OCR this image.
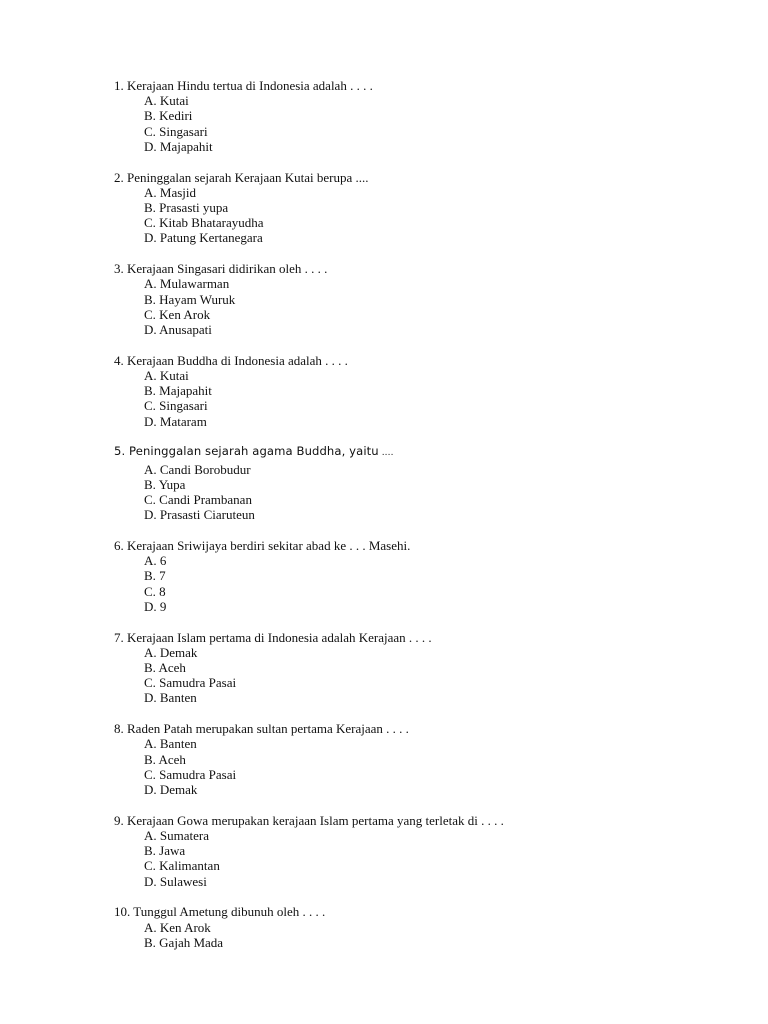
1. Kerajaan Hindu tertua di Indonesia adalah . . . .
A. Kutai
B. Kediri
C. Singasari
D. Majapahit
2. Peninggalan sejarah Kerajaan Kutai berupa ....
A. Masjid
B. Prasasti yupa
C. Kitab Bhatarayudha
D. Patung Kertanegara
3. Kerajaan Singasari didirikan oleh . . . .
A. Mulawarman
B. Hayam Wuruk
C. Ken Arok
D. Anusapati
4. Kerajaan Buddha di Indonesia adalah . . . .
A. Kutai
B. Majapahit
C. Singasari
D. Mataram
5. Peninggalan sejarah agama Buddha, yaitu ....
A. Candi Borobudur
B. Yupa
C. Candi Prambanan
D. Prasasti Ciaruteun
6. Kerajaan Sriwijaya berdiri sekitar abad ke . . . Masehi.
A. 6
B. 7
C. 8
D. 9
7. Kerajaan Islam pertama di Indonesia adalah Kerajaan . . . .
A. Demak
B. Aceh
C. Samudra Pasai
D. Banten
8. Raden Patah merupakan sultan pertama Kerajaan . . . .
A. Banten
B. Aceh
C. Samudra Pasai
D. Demak
9. Kerajaan Gowa merupakan kerajaan Islam pertama yang terletak di . . . .
A. Sumatera
B. Jawa
C. Kalimantan
D. Sulawesi
10. Tunggul Ametung dibunuh oleh . . . .
A. Ken Arok
B. Gajah Mada
